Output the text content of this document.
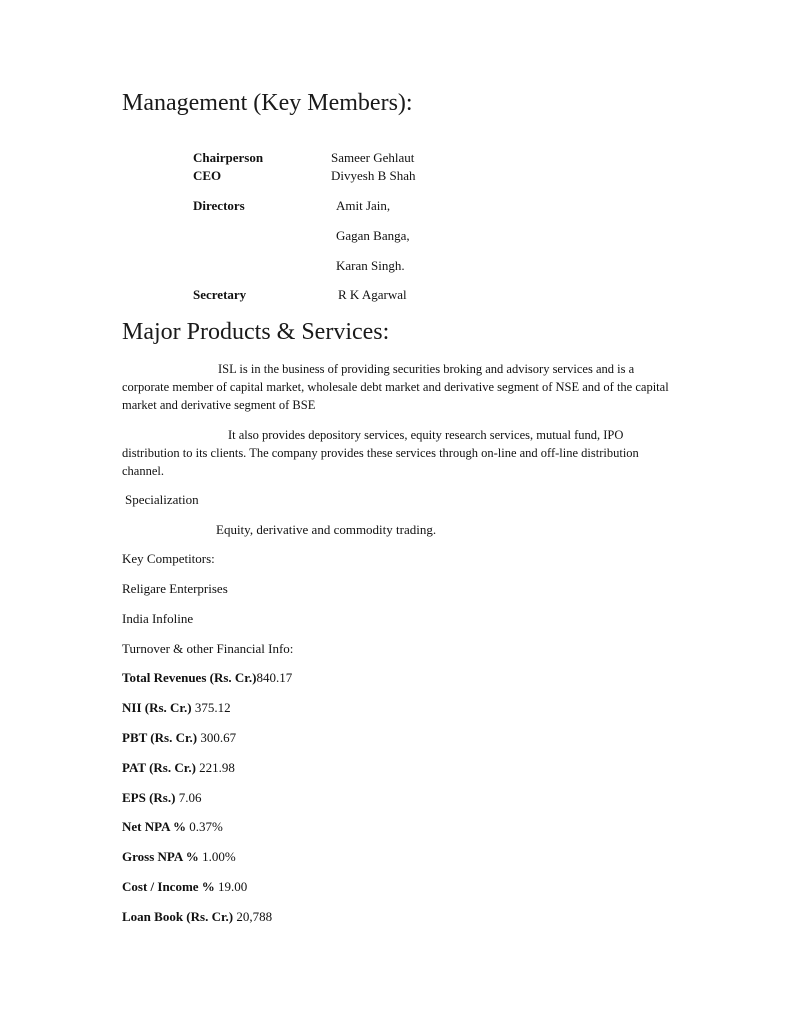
Management (Key Members):
Chairperson	Sameer Gehlaut
CEO	Divyesh B Shah
Directors	Amit Jain,
Gagan Banga,
Karan Singh.
Secretary	R K Agarwal
Major Products & Services:
ISL is in the business of providing securities broking and advisory services and is a corporate member of capital market, wholesale debt market and derivative segment of NSE and of the capital market and derivative segment of BSE
It also provides depository services, equity research services, mutual fund, IPO distribution to its clients. The company provides these services through on-line and off-line distribution channel.
Specialization
Equity, derivative and commodity trading.
Key Competitors:
Religare Enterprises
India Infoline
Turnover & other Financial Info:
Total Revenues (Rs. Cr.)840.17
NII (Rs. Cr.) 375.12
PBT (Rs. Cr.) 300.67
PAT (Rs. Cr.) 221.98
EPS (Rs.) 7.06
Net NPA % 0.37%
Gross NPA % 1.00%
Cost / Income % 19.00
Loan Book (Rs. Cr.) 20,788
